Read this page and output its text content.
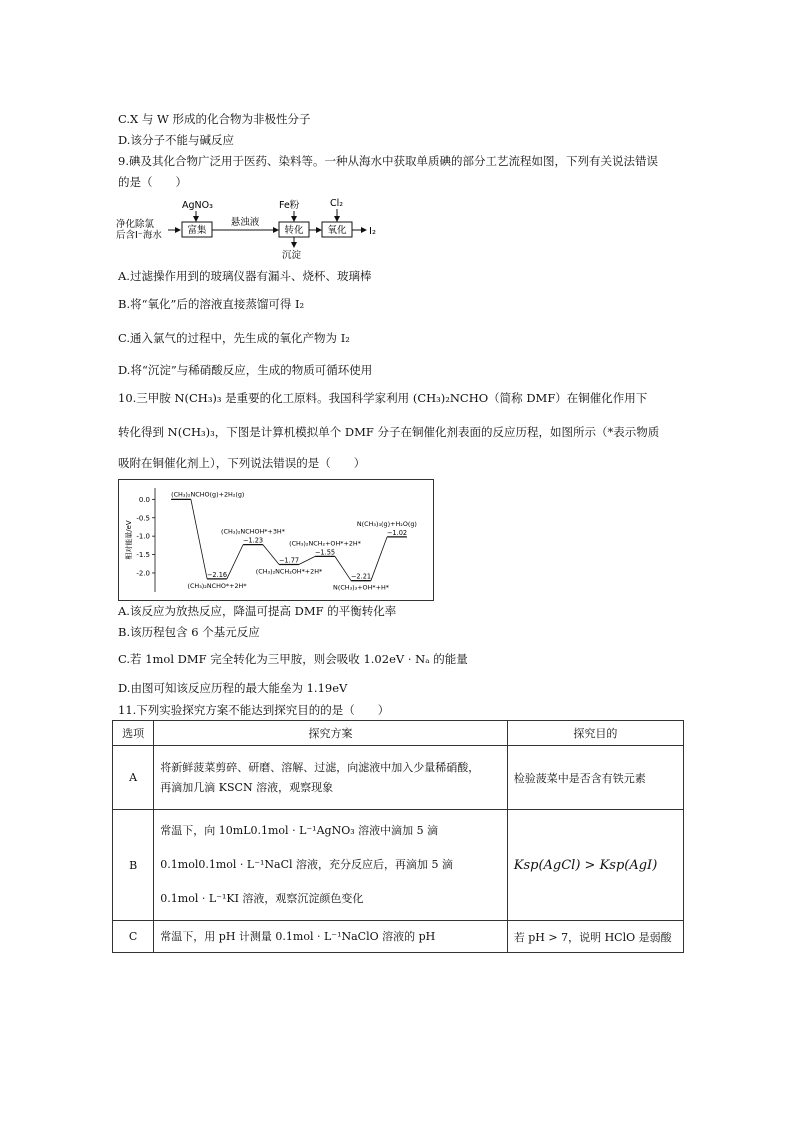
C.X 与 W 形成的化合物为非极性分子
D.该分子不能与碱反应
9.碘及其化合物广泛用于医药、染料等。一种从海水中获取单质碘的部分工艺流程如图，下列有关说法错误
的是（　　）
净化除氯
后含I⁻海水
AgNO₃
富集
悬浊液
Fe粉
转化
沉淀
Cl₂
氧化 I₂
A.过滤操作用到的玻璃仪器有漏斗、烧杯、玻璃棒
B.将“氧化”后的溶液直接蒸馏可得 I₂
C.通入氯气的过程中，先生成的氧化产物为 I₂
D.将“沉淀”与稀硝酸反应，生成的物质可循环使用
10.三甲胺 N(CH₃)₃ 是重要的化工原料。我国科学家利用 (CH₃)₂NCHO（简称 DMF）在铜催化作用下
转化得到 N(CH₃)₃，下图是计算机模拟单个 DMF 分子在铜催化剂表面的反应历程，如图所示（*表示物质
吸附在铜催化剂上），下列说法错误的是（　　）
相对能量/eV
0.0
-0.5
-1.0
-1.5
-2.0
(CH₃)₂NCHO(g)+2H₂(g)
(CH₃)₂NCHO*+2H*
−2.16
(CH₃)₂NCHOH*+3H*
−1.23
(CH₃)₂NCH₂OH*+2H*
−1.77
(CH₃)₂NCH₂+OH*+2H*
−1.55
N(CH₃)₃+OH*+H*
−2.21
N(CH₃)₃(g)+H₂O(g)
−1.02
A.该反应为放热反应，降温可提高 DMF 的平衡转化率
B.该历程包含 6 个基元反应
C.若 1mol DMF 完全转化为三甲胺，则会吸收 1.02eV · Nₐ 的能量
D.由图可知该反应历程的最大能垒为 1.19eV
11.下列实验探究方案不能达到探究目的的是（　　）
选项	探究方案	探究目的
A	将新鲜菠菜剪碎、研磨、溶解、过滤，向滤液中加入少量稀硝酸，
再滴加几滴 KSCN 溶液，观察现象	检验菠菜中是否含有铁元素
B	常温下，向 10mL0.1mol · L⁻¹AgNO₃ 溶液中滴加 5 滴
0.1mol0.1mol · L⁻¹NaCl 溶液，充分反应后，再滴加 5 滴
0.1mol · L⁻¹KI 溶液，观察沉淀颜色变化	Ksp(AgCl) > Ksp(AgI)
C	常温下，用 pH 计测量 0.1mol · L⁻¹NaClO 溶液的 pH	若 pH > 7，说明 HClO 是弱酸
